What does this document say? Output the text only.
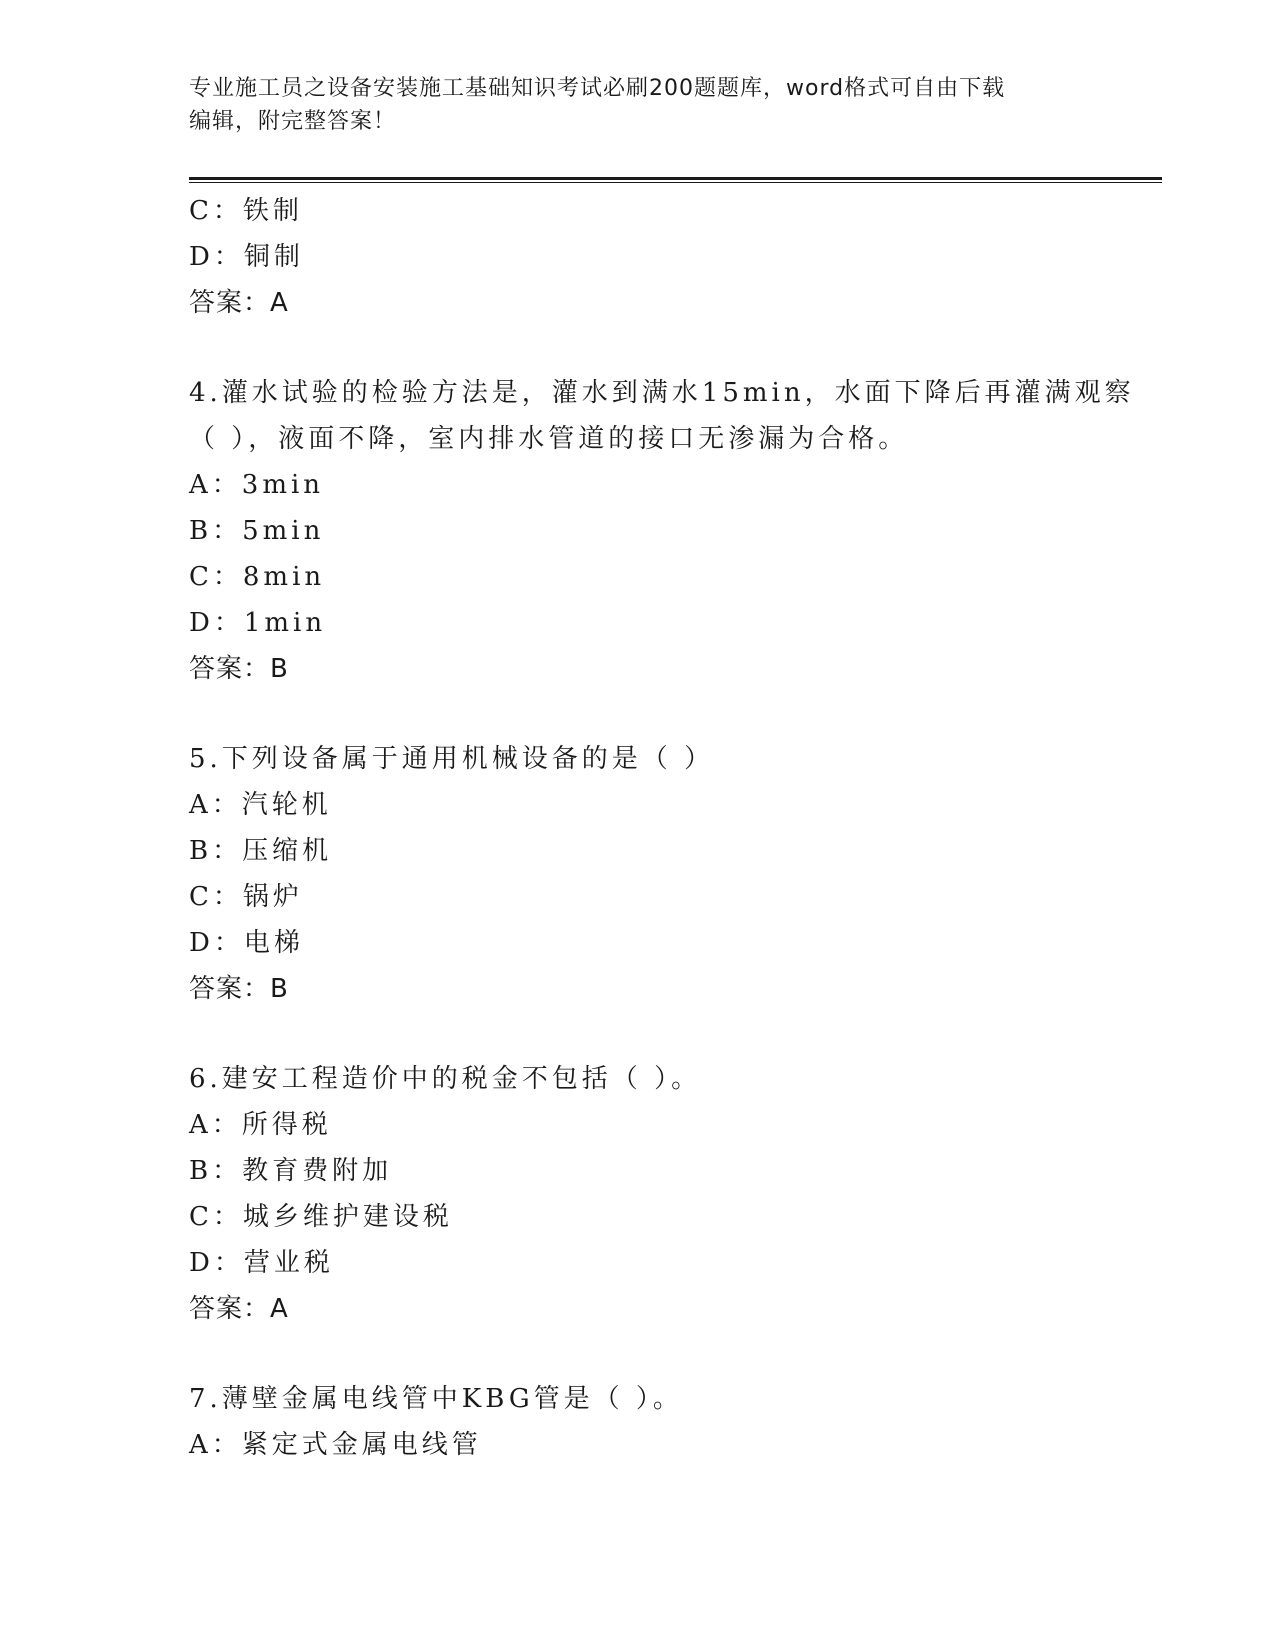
专业施工员之设备安装施工基础知识考试必刷200题题库，word格式可自由下载
编辑，附完整答案！
C：铁制
D：铜制
答案：A
4.灌水试验的检验方法是，灌水到满水15min，水面下降后再灌满观察
（ ），液面不降，室内排水管道的接口无渗漏为合格。
A：3min
B：5min
C：8min
D：1min
答案：B
5.下列设备属于通用机械设备的是（ ）
A：汽轮机
B：压缩机
C：锅炉
D：电梯
答案：B
6.建安工程造价中的税金不包括（ ）。
A：所得税
B：教育费附加
C：城乡维护建设税
D：营业税
答案：A
7.薄壁金属电线管中KBG管是（ ）。
A：紧定式金属电线管
